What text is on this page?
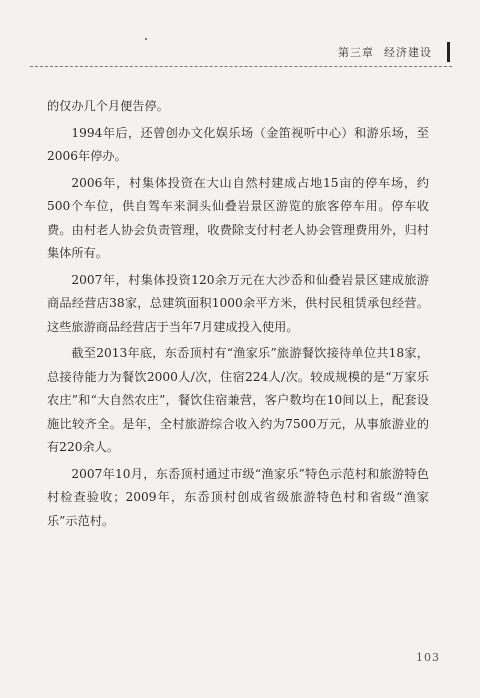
第三章 经济建设

的仅办几个月便告停。

1994年后，还曾创办文化娱乐场（金笛视听中心）和游乐场，至2006年停办。

2006年，村集体投资在大山自然村建成占地15亩的停车场，约500个车位，供自驾车来洞头仙叠岩景区游览的旅客停车用。停车收费。由村老人协会负责管理，收费除支付村老人协会管理费用外，归村集体所有。

2007年，村集体投资120余万元在大沙岙和仙叠岩景区建成旅游商品经营店38家，总建筑面积1000余平方米，供村民租赁承包经营。这些旅游商品经营店于当年7月建成投入使用。

截至2013年底，东岙顶村有“渔家乐”旅游餐饮接待单位共18家，总接待能力为餐饮2000人/次，住宿224人/次。较成规模的是“万家乐农庄”和“大自然农庄”，餐饮住宿兼营，客户数均在10间以上，配套设施比较齐全。是年，全村旅游综合收入约为7500万元，从事旅游业的有220余人。

2007年10月，东岙顶村通过市级“渔家乐”特色示范村和旅游特色村检查验收；2009年，东岙顶村创成省级旅游特色村和省级“渔家乐”示范村。

103
